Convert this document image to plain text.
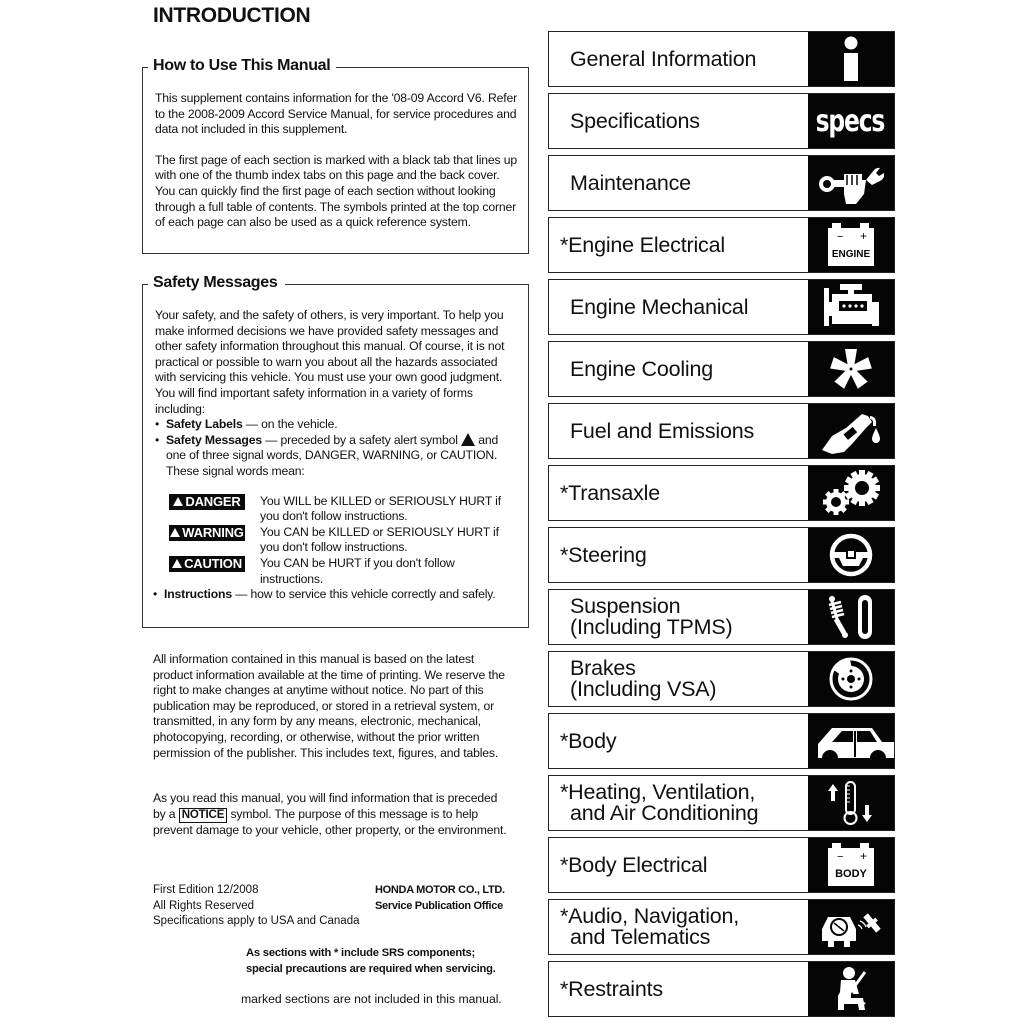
INTRODUCTION
How to Use This Manual

This supplement contains information for the '08-09 Accord V6. Refer to the 2008-2009 Accord Service Manual, for service procedures and data not included in this supplement.

The first page of each section is marked with a black tab that lines up with one of the thumb index tabs on this page and the back cover. You can quickly find the first page of each section without looking through a full table of contents. The symbols printed at the top corner of each page can also be used as a quick reference system.

Safety Messages

Your safety, and the safety of others, is very important. To help you make informed decisions we have provided safety messages and other safety information throughout this manual. Of course, it is not practical or possible to warn you about all the hazards associated with servicing this vehicle. You must use your own good judgment.

You will find important safety information in a variety of forms including:

• Safety Labels — on the vehicle.
• Safety Messages — preceded by a safety alert symbol  and one of three signal words, DANGER, WARNING, or CAUTION. These signal words mean:
DANGER	You WILL be KILLED or SERIOUSLY HURT if you don't follow instructions.
WARNING You CAN be KILLED or SERIOUSLY HURT if you don't follow instructions.
CAUTION You CAN be HURT if you don't follow instructions.
• Instructions — how to service this vehicle correctly and safely.

All information contained in this manual is based on the latest product information available at the time of printing. We reserve the right to make changes at anytime without notice. No part of this publication may be reproduced, or stored in a retrieval system, or transmitted, in any form by any means, electronic, mechanical, photocopying, recording, or otherwise, without the prior written permission of the publisher. This includes text, figures, and tables.

As you read this manual, you will find information that is preceded by a NOTICE symbol. The purpose of this message is to help prevent damage to your vehicle, other property, or the environment.

First Edition 12/2008
All Rights Reserved
Specifications apply to USA and Canada
HONDA MOTOR CO., LTD.
Service Publication Office
As sections with * include SRS components;
special precautions are required when servicing.
marked sections are not included in this manual.
General Information
Specifications	specs
Maintenance
*Engine Electrical	− +
ENGINE
Engine Mechanical
Engine Cooling
Fuel and Emissions
*Transaxle
*Steering
Suspension
(Including TPMS)
Brakes
(Including VSA)
*Body
*Heating, Ventilation,
and Air Conditioning
*Body Electrical	− +
BODY
*Audio, Navigation,
and Telematics
*Restraints
